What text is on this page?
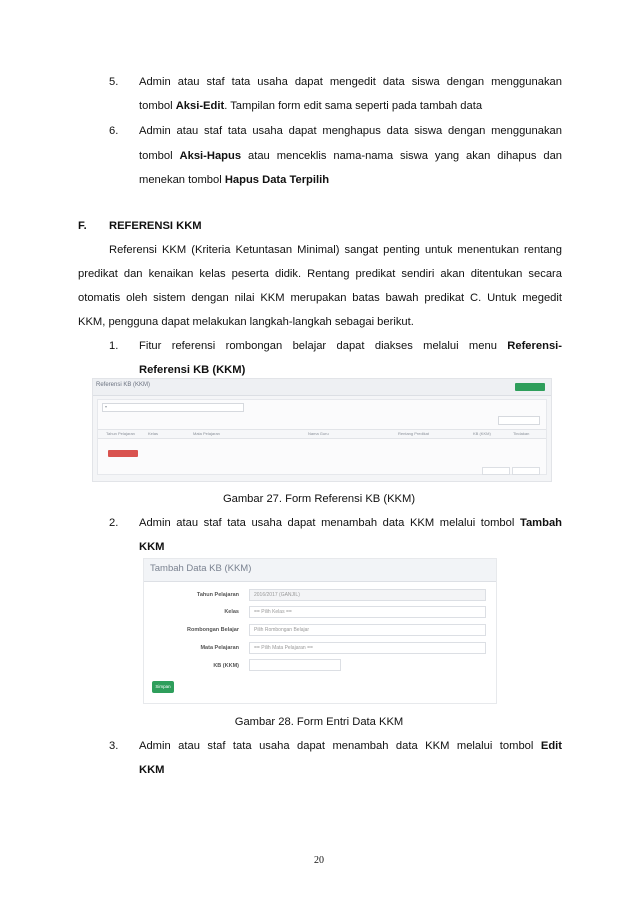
5. Admin atau staf tata usaha dapat mengedit data siswa dengan menggunakan
tombol Aksi-Edit. Tampilan form edit sama seperti pada tambah data
6. Admin atau staf tata usaha dapat menghapus data siswa dengan menggunakan
tombol Aksi-Hapus atau menceklis nama-nama siswa yang akan dihapus dan
menekan tombol Hapus Data Terpilih
F. REFERENSI KKM
Referensi KKM (Kriteria Ketuntasan Minimal) sangat penting untuk menentukan rentang
predikat dan kenaikan kelas peserta didik. Rentang predikat sendiri akan ditentukan secara
otomatis oleh sistem dengan nilai KKM merupakan batas bawah predikat C. Untuk megedit
KKM, pengguna dapat melakukan langkah-langkah sebagai berikut.
1. Fitur referensi rombongan belajar dapat diakses melalui menu Referensi-
Referensi KB (KKM)
Referensi KB (KKM)
▾
Tahun Pelajaran	Kelas	Mata Pelajaran	Nama Guru	Rentang Predikat	KB (KKM)	Tindakan
Gambar 27. Form Referensi KB (KKM)
2. Admin atau staf tata usaha dapat menambah data KKM melalui tombol Tambah
KKM
Tambah Data KB (KKM)
Tahun Pelajaran	2016/2017 (GANJIL)
Kelas	== Pilih Kelas ==
Rombongan Belajar	Pilih Rombongan Belajar
Mata Pelajaran	== Pilih Mata Pelajaran ==
KB (KKM)
Simpan
Gambar 28. Form Entri Data KKM
3. Admin atau staf tata usaha dapat menambah data KKM melalui tombol Edit
KKM
20
